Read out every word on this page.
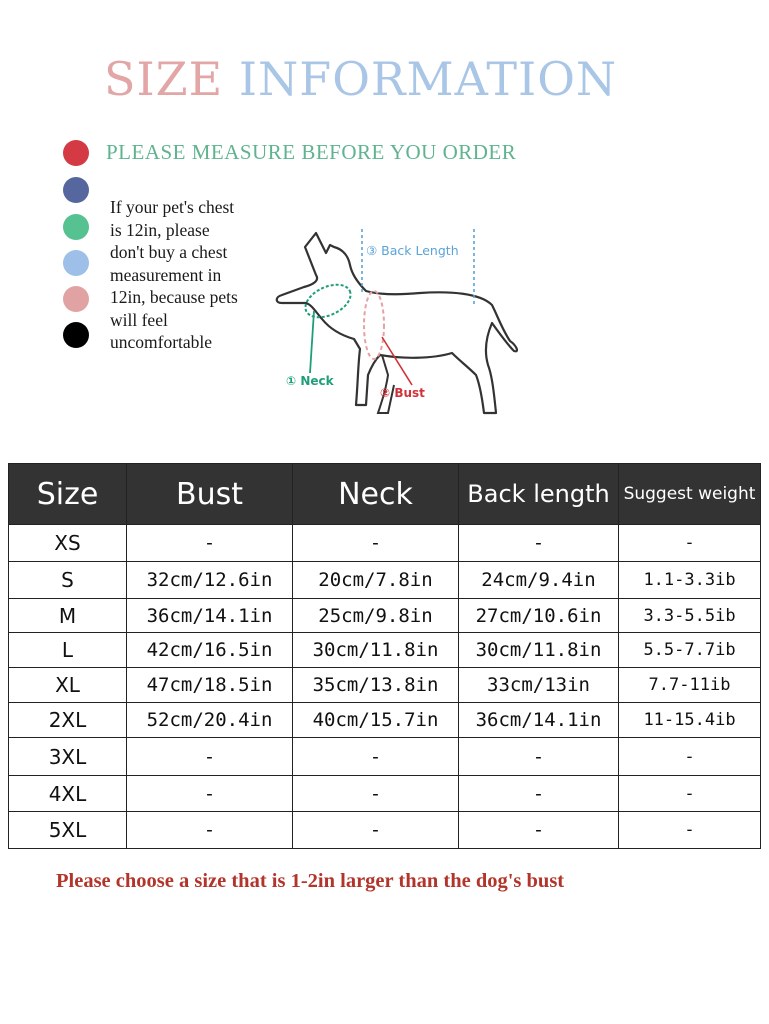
SIZE INFORMATION
PLEASE MEASURE BEFORE YOU ORDER
If your pet's chest
is 12in, please
don't buy a chest
measurement in
12in, because pets
will feel
uncomfortable
③ Back Length
① Neck
② Bust
Size	Bust	Neck	Back length	Suggest weight
XS	-	-	-	-
S	32cm/12.6in	20cm/7.8in	24cm/9.4in	1.1-3.3ib
M	36cm/14.1in	25cm/9.8in	27cm/10.6in	3.3-5.5ib
L	42cm/16.5in	30cm/11.8in	30cm/11.8in	5.5-7.7ib
XL	47cm/18.5in	35cm/13.8in	33cm/13in	7.7-11ib
2XL	52cm/20.4in	40cm/15.7in	36cm/14.1in	11-15.4ib
3XL	-	-	-	-
4XL	-	-	-	-
5XL	-	-	-	-
Please choose a size that is 1-2in larger than the dog's bust
